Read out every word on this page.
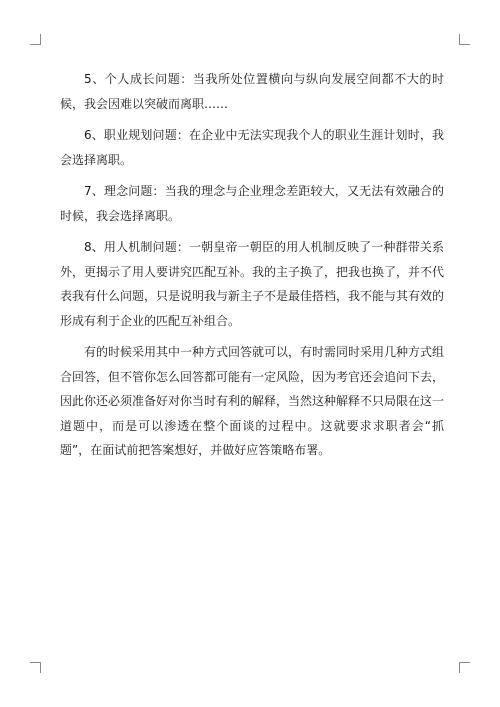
5、个人成长问题：当我所处位置横向与纵向发展空间都不大的时候，我会因难以突破而离职……

6、职业规划问题：在企业中无法实现我个人的职业生涯计划时，我会选择离职。

7、理念问题：当我的理念与企业理念差距较大，又无法有效融合的时候，我会选择离职。

8、用人机制问题：一朝皇帝一朝臣的用人机制反映了一种群带关系外，更揭示了用人要讲究匹配互补。我的主子换了，把我也换了，并不代表我有什么问题，只是说明我与新主子不是最佳搭档，我不能与其有效的形成有利于企业的匹配互补组合。

有的时候采用其中一种方式回答就可以，有时需同时采用几种方式组合回答，但不管你怎么回答都可能有一定风险，因为考官还会追问下去，因此你还必须准备好对你当时有利的解释，当然这种解释不只局限在这一道题中，而是可以渗透在整个面谈的过程中。这就要求求职者会“抓题”，在面试前把答案想好，并做好应答策略布署。
